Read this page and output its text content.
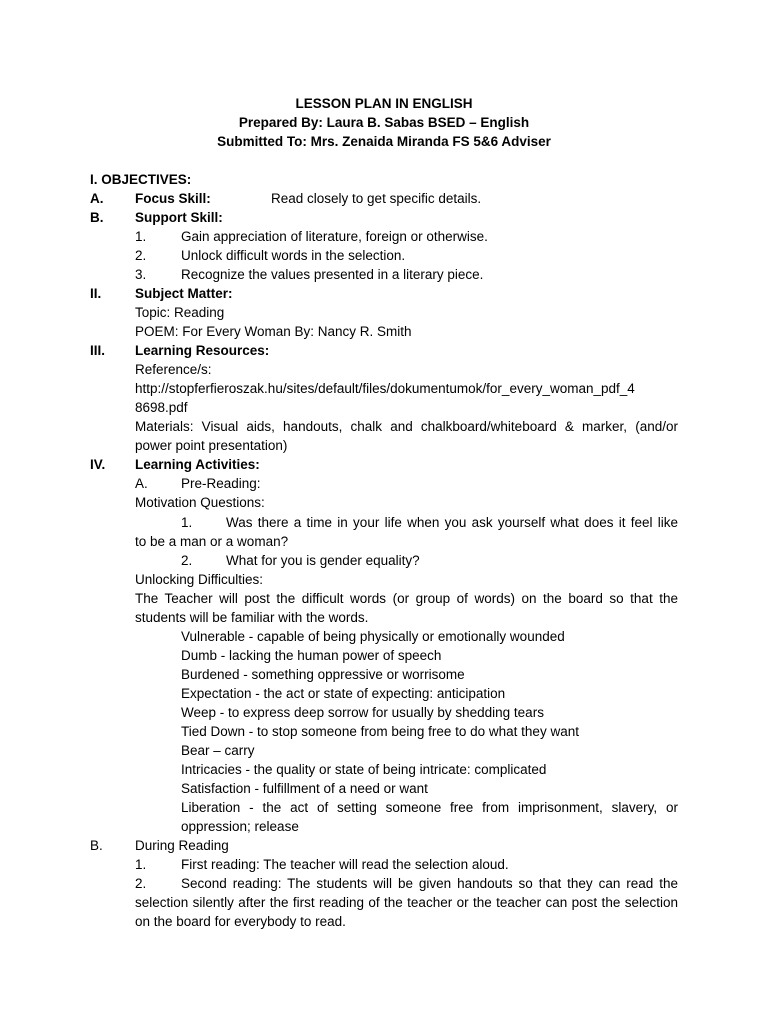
LESSON PLAN IN ENGLISH
Prepared By: Laura B. Sabas BSED – English
Submitted To: Mrs. Zenaida Miranda FS 5&6 Adviser
I. OBJECTIVES:
A. Focus Skill:	Read closely to get specific details.
B. Support Skill:
1.	Gain appreciation of literature, foreign or otherwise.
2.	Unlock difficult words in the selection.
3.	Recognize the values presented in a literary piece.
II. Subject Matter:
Topic: Reading
POEM: For Every Woman By: Nancy R. Smith
III. Learning Resources:
Reference/s:
http://stopferfieroszak.hu/sites/default/files/dokumentumok/for_every_woman_pdf_4
8698.pdf
Materials: Visual aids, handouts, chalk and chalkboard/whiteboard & marker, (and/or
power point presentation)
IV. Learning Activities:
A. Pre-Reading:
Motivation Questions:
1. Was there a time in your life when you ask yourself what does it feel like
to be a man or a woman?
2. What for you is gender equality?
Unlocking Difficulties:
The Teacher will post the difficult words (or group of words) on the board so that the
students will be familiar with the words.
Vulnerable - capable of being physically or emotionally wounded
Dumb - lacking the human power of speech
Burdened - something oppressive or worrisome
Expectation - the act or state of expecting: anticipation
Weep - to express deep sorrow for usually by shedding tears
Tied Down - to stop someone from being free to do what they want
Bear – carry
Intricacies - the quality or state of being intricate: complicated
Satisfaction - fulfillment of a need or want
Liberation - the act of setting someone free from imprisonment, slavery, or
oppression; release
B. During Reading
1.	First reading: The teacher will read the selection aloud.
2.	Second reading: The students will be given handouts so that they can read the
selection silently after the first reading of the teacher or the teacher can post the selection
on the board for everybody to read.
